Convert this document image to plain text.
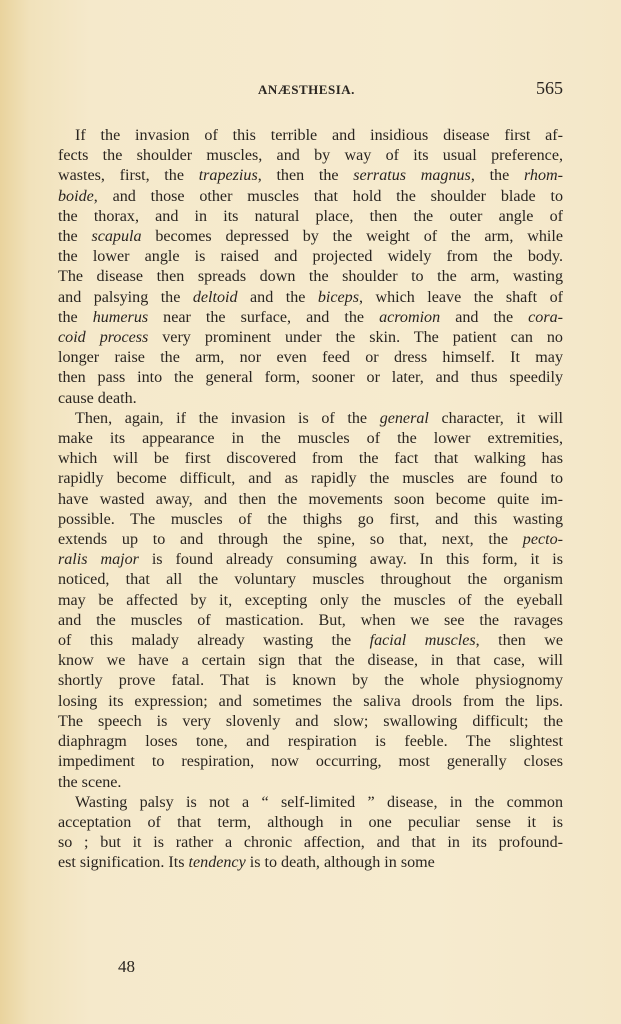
ANÆSTHESIA.	565
If the invasion of this terrible and insidious disease first af-
fects the shoulder muscles, and by way of its usual preference,
wastes, first, the trapezius, then the serratus magnus, the rhom-
boide, and those other muscles that hold the shoulder blade to
the thorax, and in its natural place, then the outer angle of
the scapula becomes depressed by the weight of the arm, while
the lower angle is raised and projected widely from the body.
The disease then spreads down the shoulder to the arm, wasting
and palsying the deltoid and the biceps, which leave the shaft of
the humerus near the surface, and the acromion and the cora-
coid process very prominent under the skin. The patient can no
longer raise the arm, nor even feed or dress himself. It may
then pass into the general form, sooner or later, and thus speedily
cause death.
Then, again, if the invasion is of the general character, it will
make its appearance in the muscles of the lower extremities,
which will be first discovered from the fact that walking has
rapidly become difficult, and as rapidly the muscles are found to
have wasted away, and then the movements soon become quite im-
possible. The muscles of the thighs go first, and this wasting
extends up to and through the spine, so that, next, the pecto-
ralis major is found already consuming away. In this form, it is
noticed, that all the voluntary muscles throughout the organism
may be affected by it, excepting only the muscles of the eyeball
and the muscles of mastication. But, when we see the ravages
of this malady already wasting the facial muscles, then we
know we have a certain sign that the disease, in that case, will
shortly prove fatal. That is known by the whole physiognomy
losing its expression; and sometimes the saliva drools from the lips.
The speech is very slovenly and slow; swallowing difficult; the
diaphragm loses tone, and respiration is feeble. The slightest
impediment to respiration, now occurring, most generally closes
the scene.
Wasting palsy is not a “ self-limited ” disease, in the common
acceptation of that term, although in one peculiar sense it is
so ; but it is rather a chronic affection, and that in its profound-
est signification. Its tendency is to death, although in some
48
